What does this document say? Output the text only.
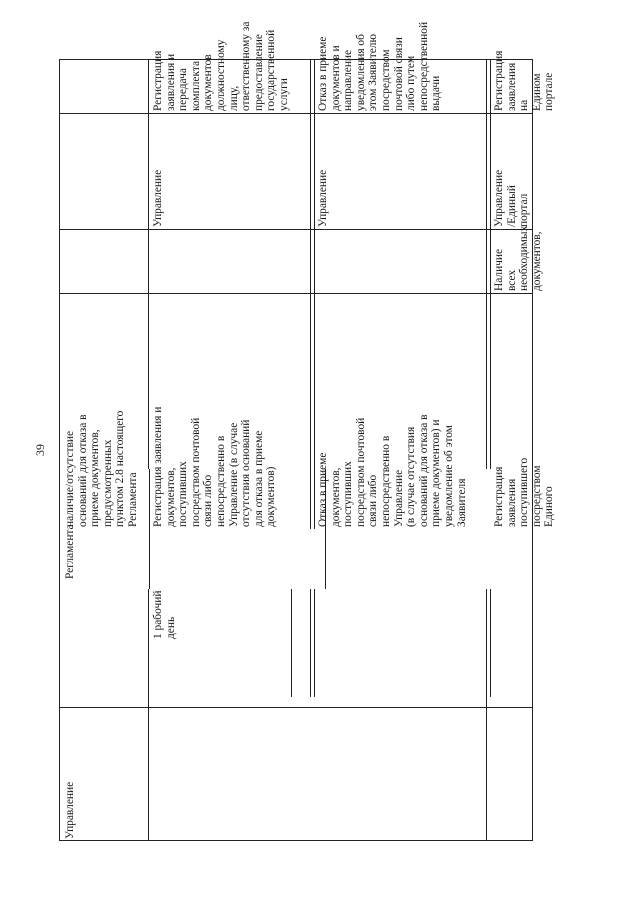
39
Регламента
Управление
наличие/отсутствие
оснований для отказа в
приеме документов,
предусмотренных
пунктом 2.8 настоящего
Регламента Регистрация заявления и
документов,
поступивших
посредством почтовой
связи либо
непосредственно в
Управление (в случае
отсутствия оснований
для отказа в приеме
документов)
1 рабочий
день
Управление
Регистрация
заявления и
передача
комплекта
документов
должностному
лицу,
ответственному за
предоставление
государственной
услуги
Отказ в приеме
документов,
поступивших
посредством почтовой
связи либо
непосредственно в
Управление
(в случае отсутствия
оснований для отказа в
приеме документов) и
уведомление об этом
Заявителя
Управление
Отказ в приеме
документов и
направление
уведомления об
этом Заявителю
посредством
почтовой связи
либо путем
непосредственной
выдачи
Регистрация заявления
поступившего
посредством Единого
Наличие всех
необходимых
документов,
Управление
/Единый
портал
Регистрация
заявления на
Едином портале
